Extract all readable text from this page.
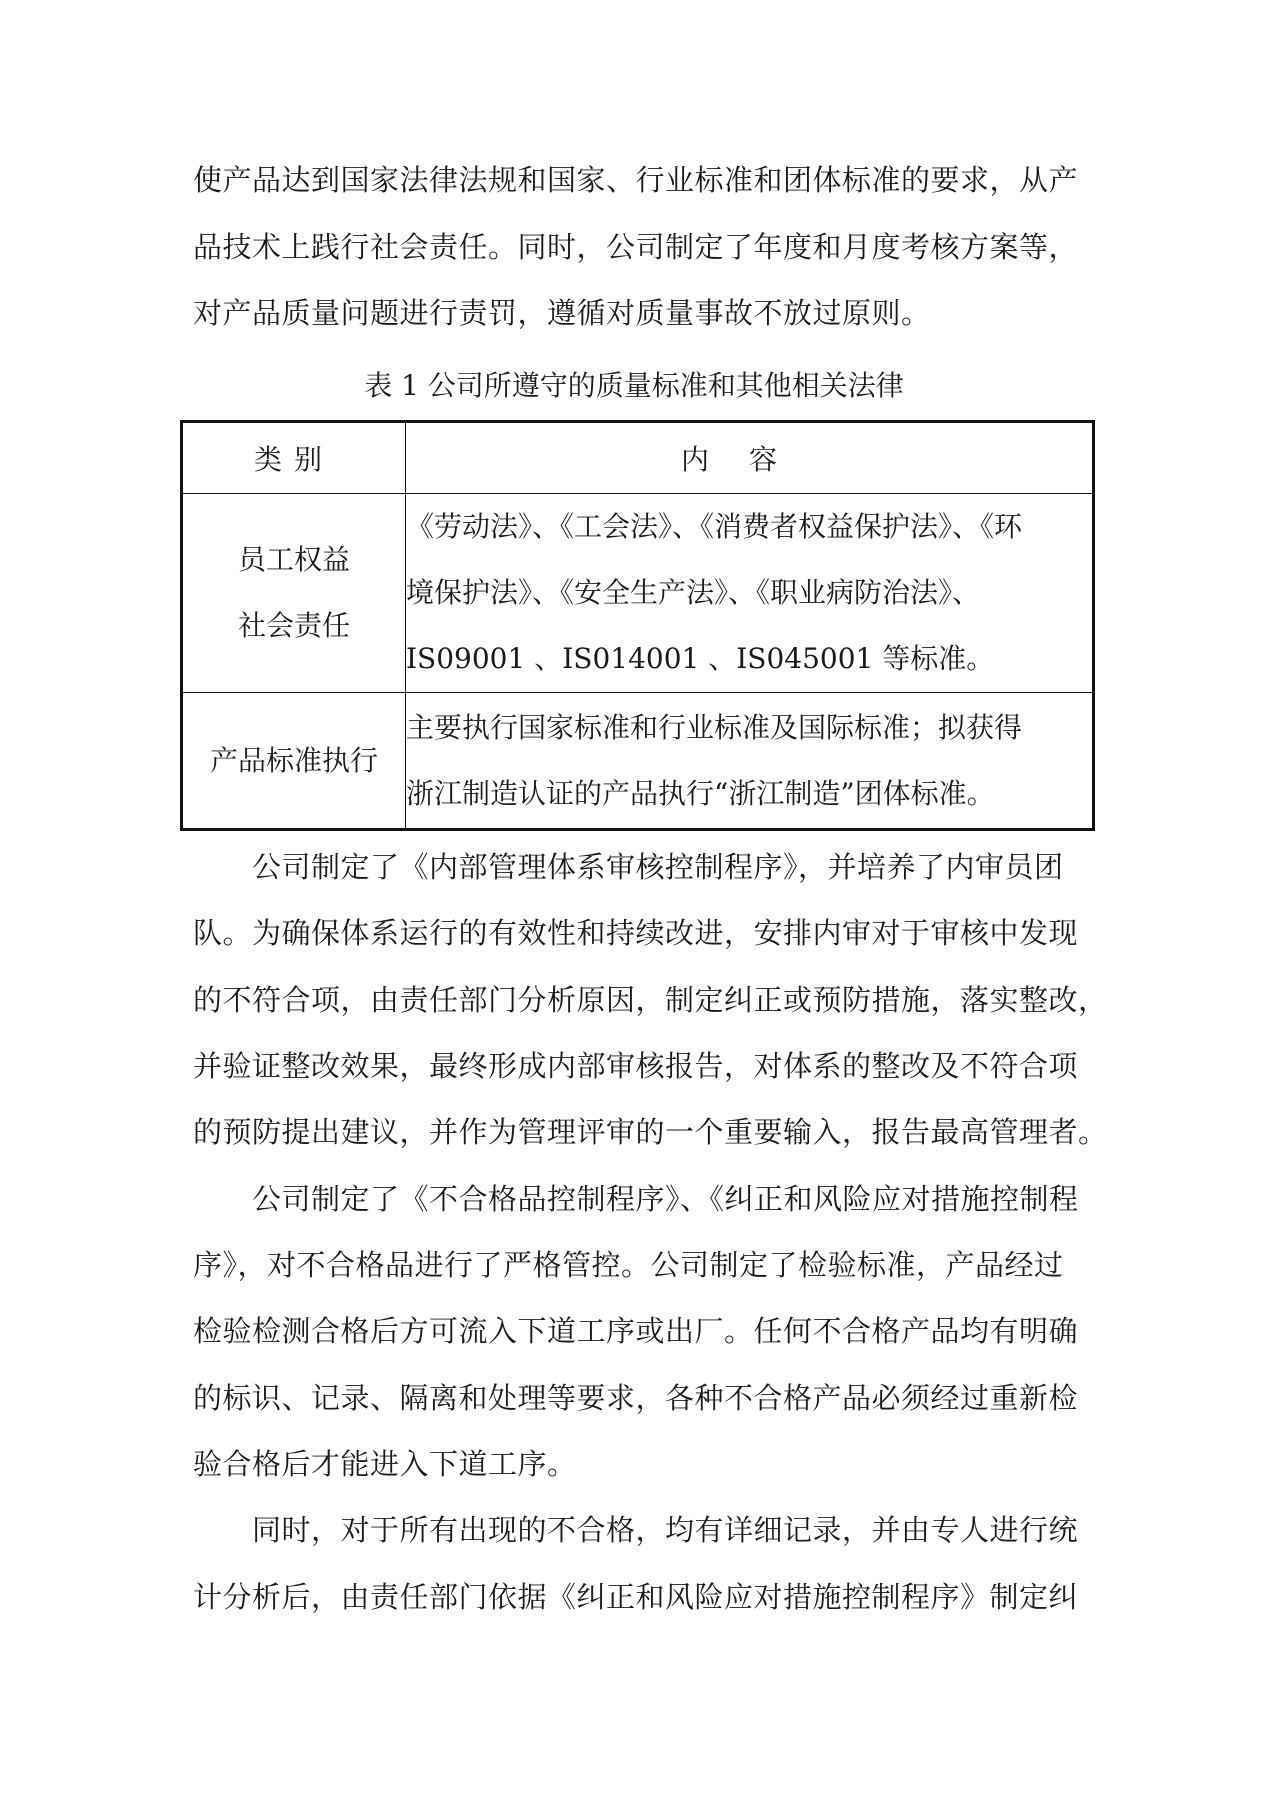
使产品达到国家法律法规和国家、行业标准和团体标准的要求，从产
品技术上践行社会责任。同时，公司制定了年度和月度考核方案等，
对产品质量问题进行责罚，遵循对质量事故不放过原则。
表 1 公司所遵守的质量标准和其他相关法律
类别	内容

员工权益
社会责任	《劳动法》、《工会法》、《消费者权益保护法》、《环
境保护法》、《安全生产法》、《职业病防治法》、
IS09001 、IS014001 、IS045001 等标准。

产品标准执行	主要执行国家标准和行业标准及国际标准；拟获得
浙江制造认证的产品执行“浙江制造”团体标准。
公司制定了《内部管理体系审核控制程序》，并培养了内审员团
队。为确保体系运行的有效性和持续改进，安排内审对于审核中发现
的不符合项，由责任部门分析原因，制定纠正或预防措施，落实整改，
并验证整改效果，最终形成内部审核报告，对体系的整改及不符合项
的预防提出建议，并作为管理评审的一个重要输入，报告最高管理者。
公司制定了《不合格品控制程序》、《纠正和风险应对措施控制程
序》，对不合格品进行了严格管控。公司制定了检验标准，产品经过
检验检测合格后方可流入下道工序或出厂。任何不合格产品均有明确
的标识、记录、隔离和处理等要求，各种不合格产品必须经过重新检
验合格后才能进入下道工序。
同时，对于所有出现的不合格，均有详细记录，并由专人进行统
计分析后，由责任部门依据《纠正和风险应对措施控制程序》制定纠
